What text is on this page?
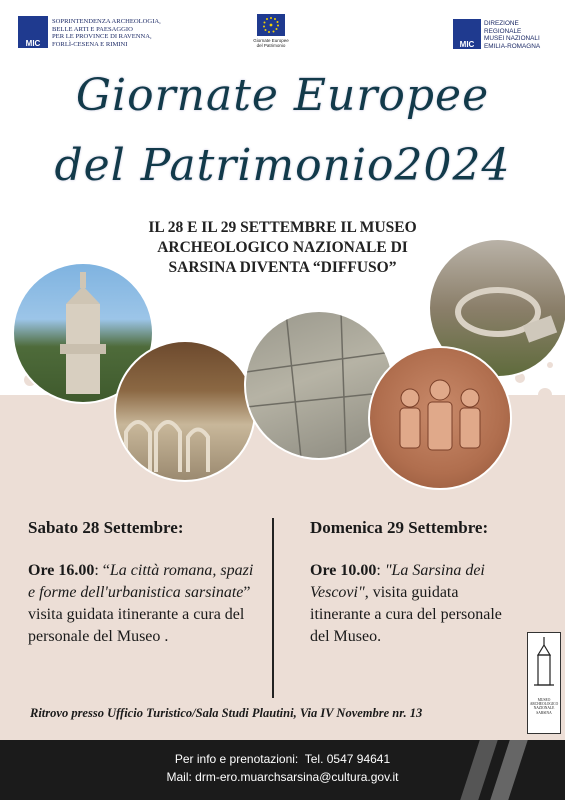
MIC
SOPRINTENDENZA ARCHEOLOGIA,
BELLE ARTI E PAESAGGIO
PER LE PROVINCE DI RAVENNA,
FORLÌ-CESENA E RIMINI	Giornate Europee
del Patrimonio	MIC
DIREZIONE
REGIONALE
MUSEI NAZIONALI
EMILIA-ROMAGNA
Giornate Europee
del Patrimonio2024
IL 28 E IL 29 SETTEMBRE IL MUSEO
ARCHEOLOGICO NAZIONALE DI
SARSINA DIVENTA “DIFFUSO”
Sabato 28 Settembre:
Ore 16.00: “La città romana, spazi e forme dell'urbanistica sarsinate” visita guidata itinerante a cura del personale del Museo .
Domenica 29 Settembre:
Ore 10.00: "La Sarsina dei Vescovi", visita guidata itinerante a cura del personale del Museo.
MUSEO
ARCHEOLOGICO
NAZIONALE
SARSINA
Ritrovo presso Ufficio Turistico/Sala Studi Plautini, Via IV Novembre nr. 13
Per info e prenotazioni: Tel. 0547 94641
Mail: drm-ero.muarchsarsina@cultura.gov.it
